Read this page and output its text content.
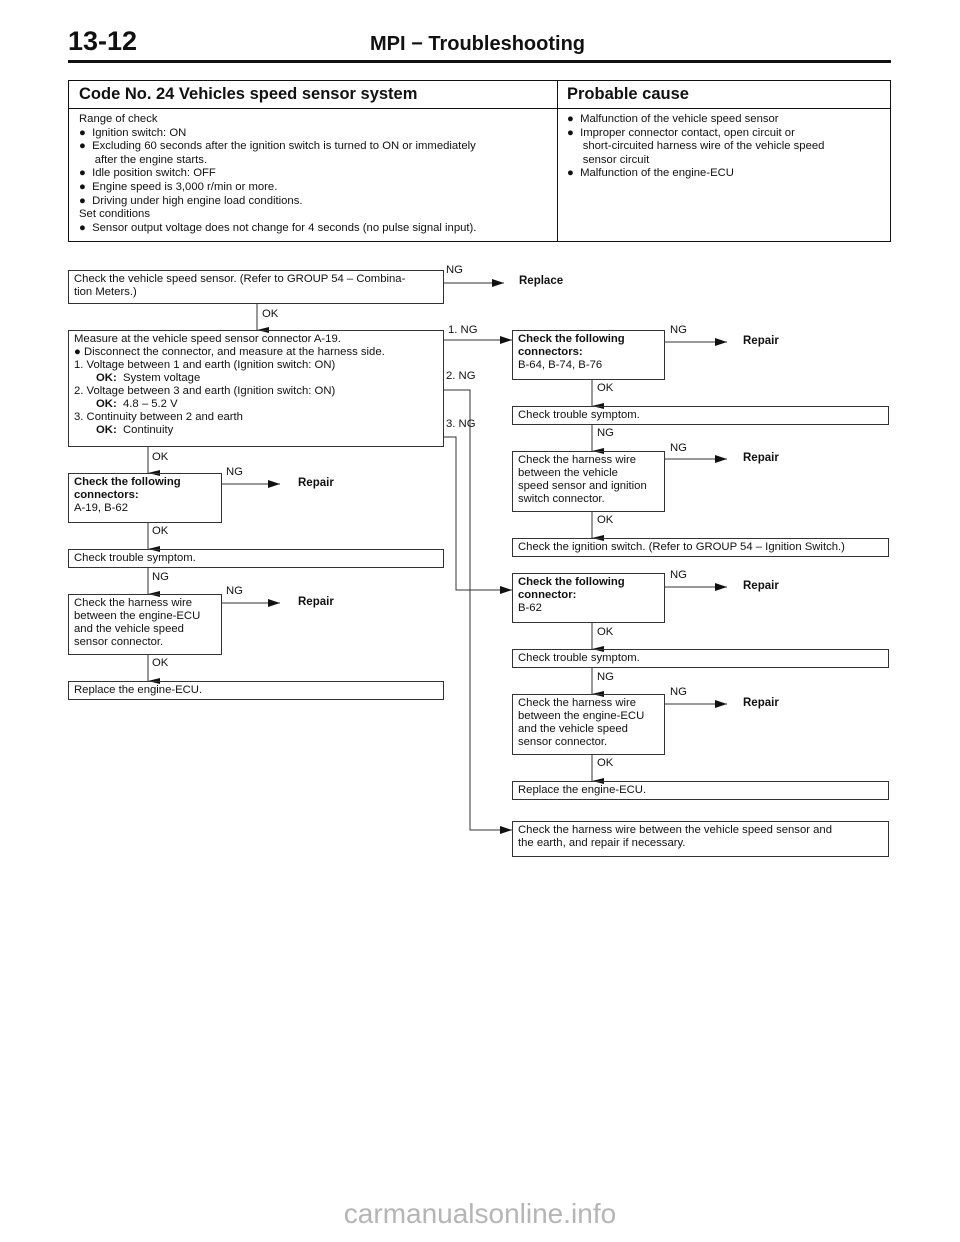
13-12	MPI − Troubleshooting
Code No. 24 Vehicles speed sensor system	Probable cause
Range of check
●  Ignition switch: ON
●  Excluding 60 seconds after the ignition switch is turned to ON or immediately
after the engine starts.
●  Idle position switch: OFF
●  Engine speed is 3,000 r/min or more.
●  Driving under high engine load conditions.
Set conditions
●  Sensor output voltage does not change for 4 seconds (no pulse signal input).
●  Malfunction of the vehicle speed sensor
●  Improper connector contact, open circuit or
short-circuited harness wire of the vehicle speed
sensor circuit
●  Malfunction of the engine-ECU
Check the vehicle speed sensor. (Refer to GROUP 54 – Combina-
tion Meters.)
Measure at the vehicle speed sensor connector A-19.
● Disconnect the connector, and measure at the harness side.
1. Voltage between 1 and earth (Ignition switch: ON)
OK: System voltage
2. Voltage between 3 and earth (Ignition switch: ON)
OK: 4.8 – 5.2 V
3. Continuity between 2 and earth
OK: Continuity
Check the following
connectors:
A-19, B-62
Check trouble symptom.
Check the harness wire
between the engine-ECU
and the vehicle speed
sensor connector.
Replace the engine-ECU.
Check the following
connectors:
B-64, B-74, B-76
Check trouble symptom.
Check the harness wire
between the vehicle
speed sensor and ignition
switch connector.
Check the ignition switch. (Refer to GROUP 54 – Ignition Switch.)
Check the following
connector:
B-62
Check trouble symptom.
Check the harness wire
between the engine-ECU
and the vehicle speed
sensor connector.
Replace the engine-ECU.
Check the harness wire between the vehicle speed sensor and
the earth, and repair if necessary.
NG
Replace
OK
1. NG
2. NG
3. NG
OK
NG
Repair
OK
NG
NG
Repair
OK
NG
Repair
OK
NG
NG
Repair
OK
NG
Repair
OK
NG
NG
Repair
OK
carmanualsonline.info
